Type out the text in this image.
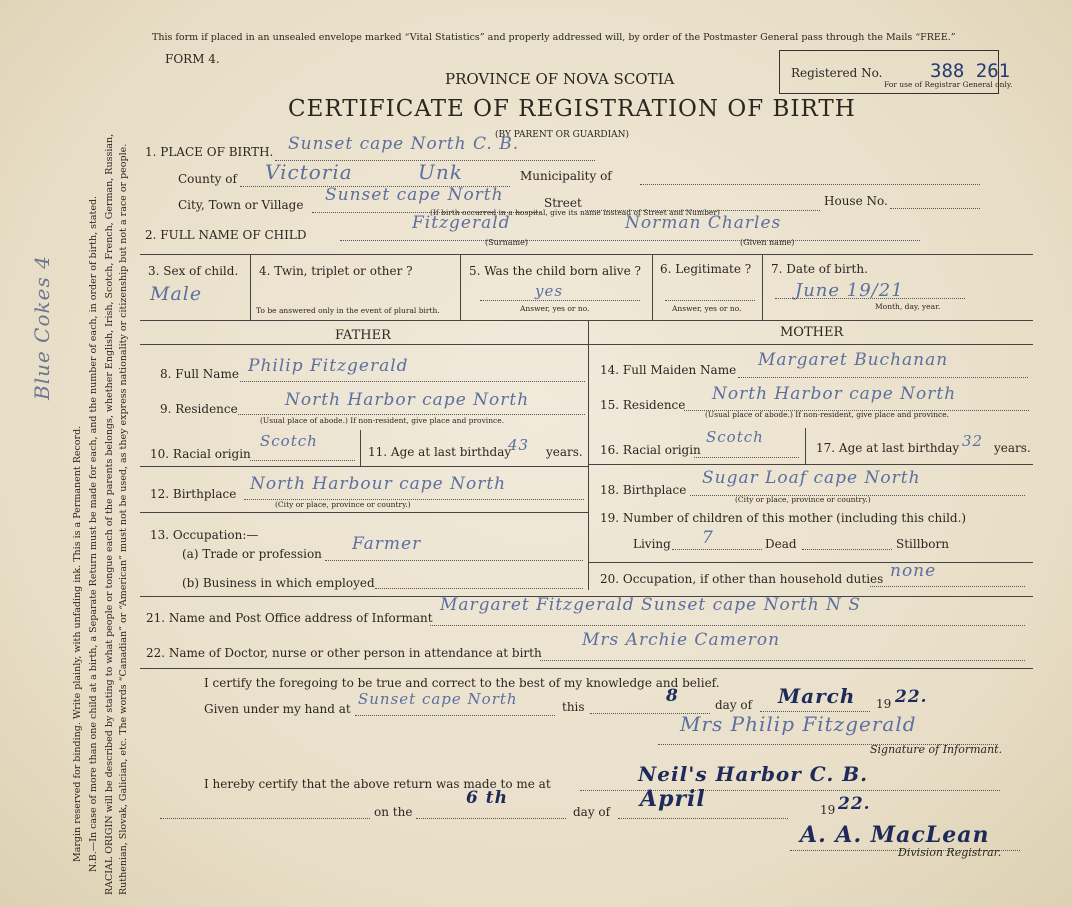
Margin reserved for binding. Write plainly, with unfading ink. This is a Permanent Record. N.B.—In case of more than one child at a birth, a Separate Return must be made for each, and the number of each, in order of birth, stated. RACIAL ORIGIN will be described by stating to what people or tongue each of the parents belongs, whether English, Irish, Scotch, French, German, Russian, Ruthenian, Slovak, Galician, etc. The words “Canadian” or “American” must not be used, as they express nationality or citizenship but not a race or people.
Blue Cokes 4
This form if placed in an unsealed envelope marked “Vital Statistics” and properly addressed will, by order of the Postmaster General pass through the Mails “FREE.”
FORM 4.
PROVINCE OF NOVA SCOTIA
CERTIFICATE OF REGISTRATION OF BIRTH
(BY PARENT OR GUARDIAN)
Registered No.	388 261
For use of Registrar General only.
1. PLACE OF BIRTH. Sunset cape North C. B.
County of Victoria	Unk	Municipality of
City, Town or Village Sunset cape North	Street	House No.
(If birth occurred in a hospital, give its name instead of Street and Number)
2. FULL NAME OF CHILD
Fitzgerald	Norman Charles
(Surname)	(Given name)
3. Sex of child.
Male
4. Twin, triplet or other ?
To be answered only in the event of plural birth.
5. Was the child born alive ?
yes
Answer, yes or no.
6. Legitimate ?
Answer, yes or no.
7. Date of birth.
June 19/21
Month, day, year.
FATHER	MOTHER
8. Full Name Philip Fitzgerald
9. Residence	North Harbor cape North
(Usual place of abode.) If non-resident, give place and province.
10. Racial origin
Scotch
11. Age at last birthday
43 years.
12. Birthplace North Harbour cape North
(City or place, province or country.)
13. Occupation:—
(a) Trade or profession Farmer
(b) Business in which employed
14. Full Maiden Name Margaret Buchanan
15. Residence
North Harbor cape North
(Usual place of abode.) If non-resident, give place and province.
16. Racial origin
Scotch
17. Age at last birthday 32 years.
18. Birthplace
Sugar Loaf cape North
(City or place, province or country.)
19. Number of children of this mother (including this child.)
Living 7	Dead	Stillborn
20. Occupation, if other than household duties none
21. Name and Post Office address of Informant
Margaret Fitzgerald Sunset cape North N S
22. Name of Doctor, nurse or other person in attendance at birth
Mrs Archie Cameron
I certify the foregoing to be true and correct to the best of my knowledge and belief.
Given under my hand at
Sunset cape North	this
8	day of March 19 22.
Mrs Philip Fitzgerald
Signature of Informant.
I hereby certify that the above return was made to me at	Neil's Harbor C. B.
on the
6 th
day of April	19 22.
A. A. MacLean
Division Registrar.
